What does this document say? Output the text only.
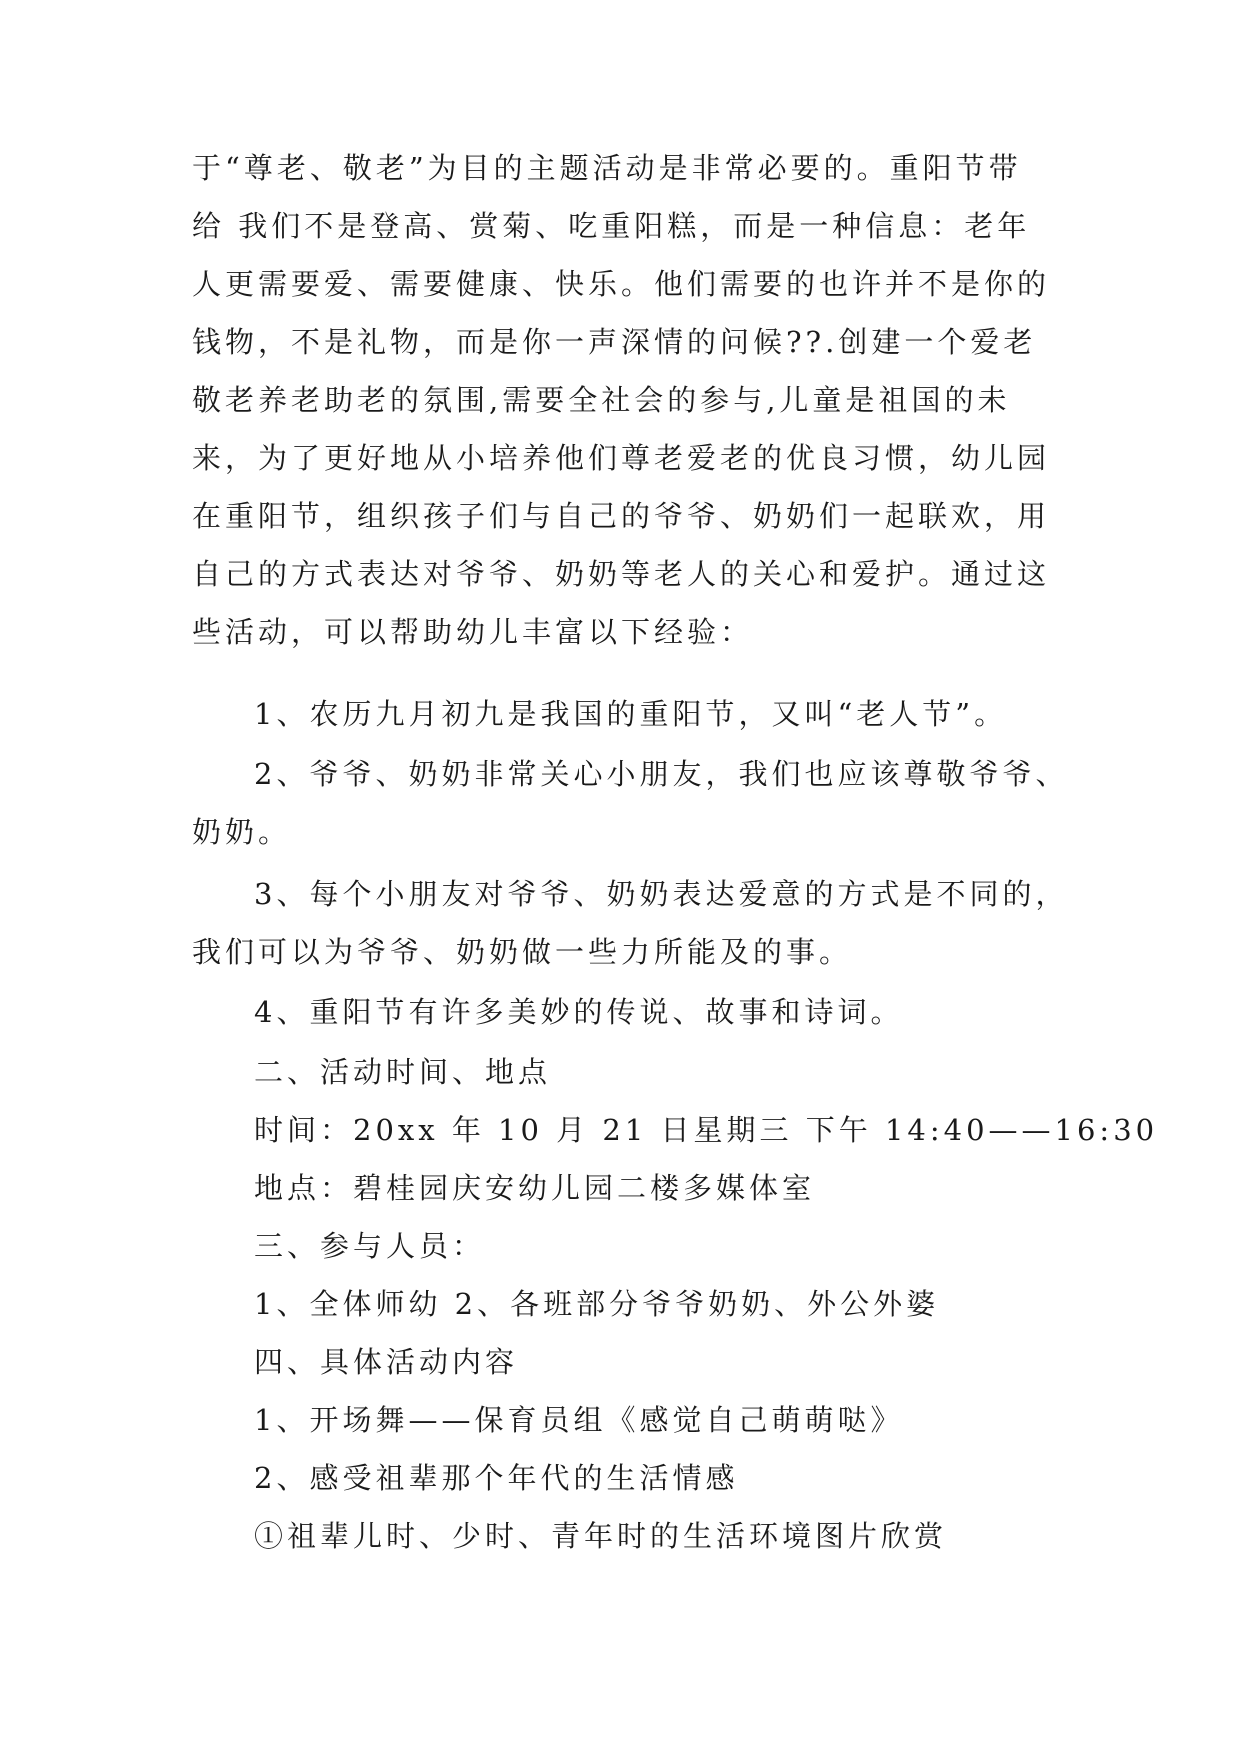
于“尊老、敬老”为目的主题活动是非常必要的。重阳节带
给 我们不是登高、赏菊、吃重阳糕，而是一种信息：老年
人更需要爱、需要健康、快乐。他们需要的也许并不是你的
钱物，不是礼物，而是你一声深情的问候??.创建一个爱老
敬老养老助老的氛围,需要全社会的参与,儿童是祖国的未
来，为了更好地从小培养他们尊老爱老的优良习惯，幼儿园
在重阳节，组织孩子们与自己的爷爷、奶奶们一起联欢，用
自己的方式表达对爷爷、奶奶等老人的关心和爱护。通过这
些活动，可以帮助幼儿丰富以下经验：
1、农历九月初九是我国的重阳节，又叫“老人节”。
2、爷爷、奶奶非常关心小朋友，我们也应该尊敬爷爷、
奶奶。
3、每个小朋友对爷爷、奶奶表达爱意的方式是不同的，
我们可以为爷爷、奶奶做一些力所能及的事。
4、重阳节有许多美妙的传说、故事和诗词。
二、活动时间、地点
时间：20xx 年 10 月 21 日星期三 下午 14:40——16:30
地点：碧桂园庆安幼儿园二楼多媒体室
三、参与人员：
1、全体师幼 2、各班部分爷爷奶奶、外公外婆
四、具体活动内容
1、开场舞——保育员组《感觉自己萌萌哒》
2、感受祖辈那个年代的生活情感
①祖辈儿时、少时、青年时的生活环境图片欣赏
